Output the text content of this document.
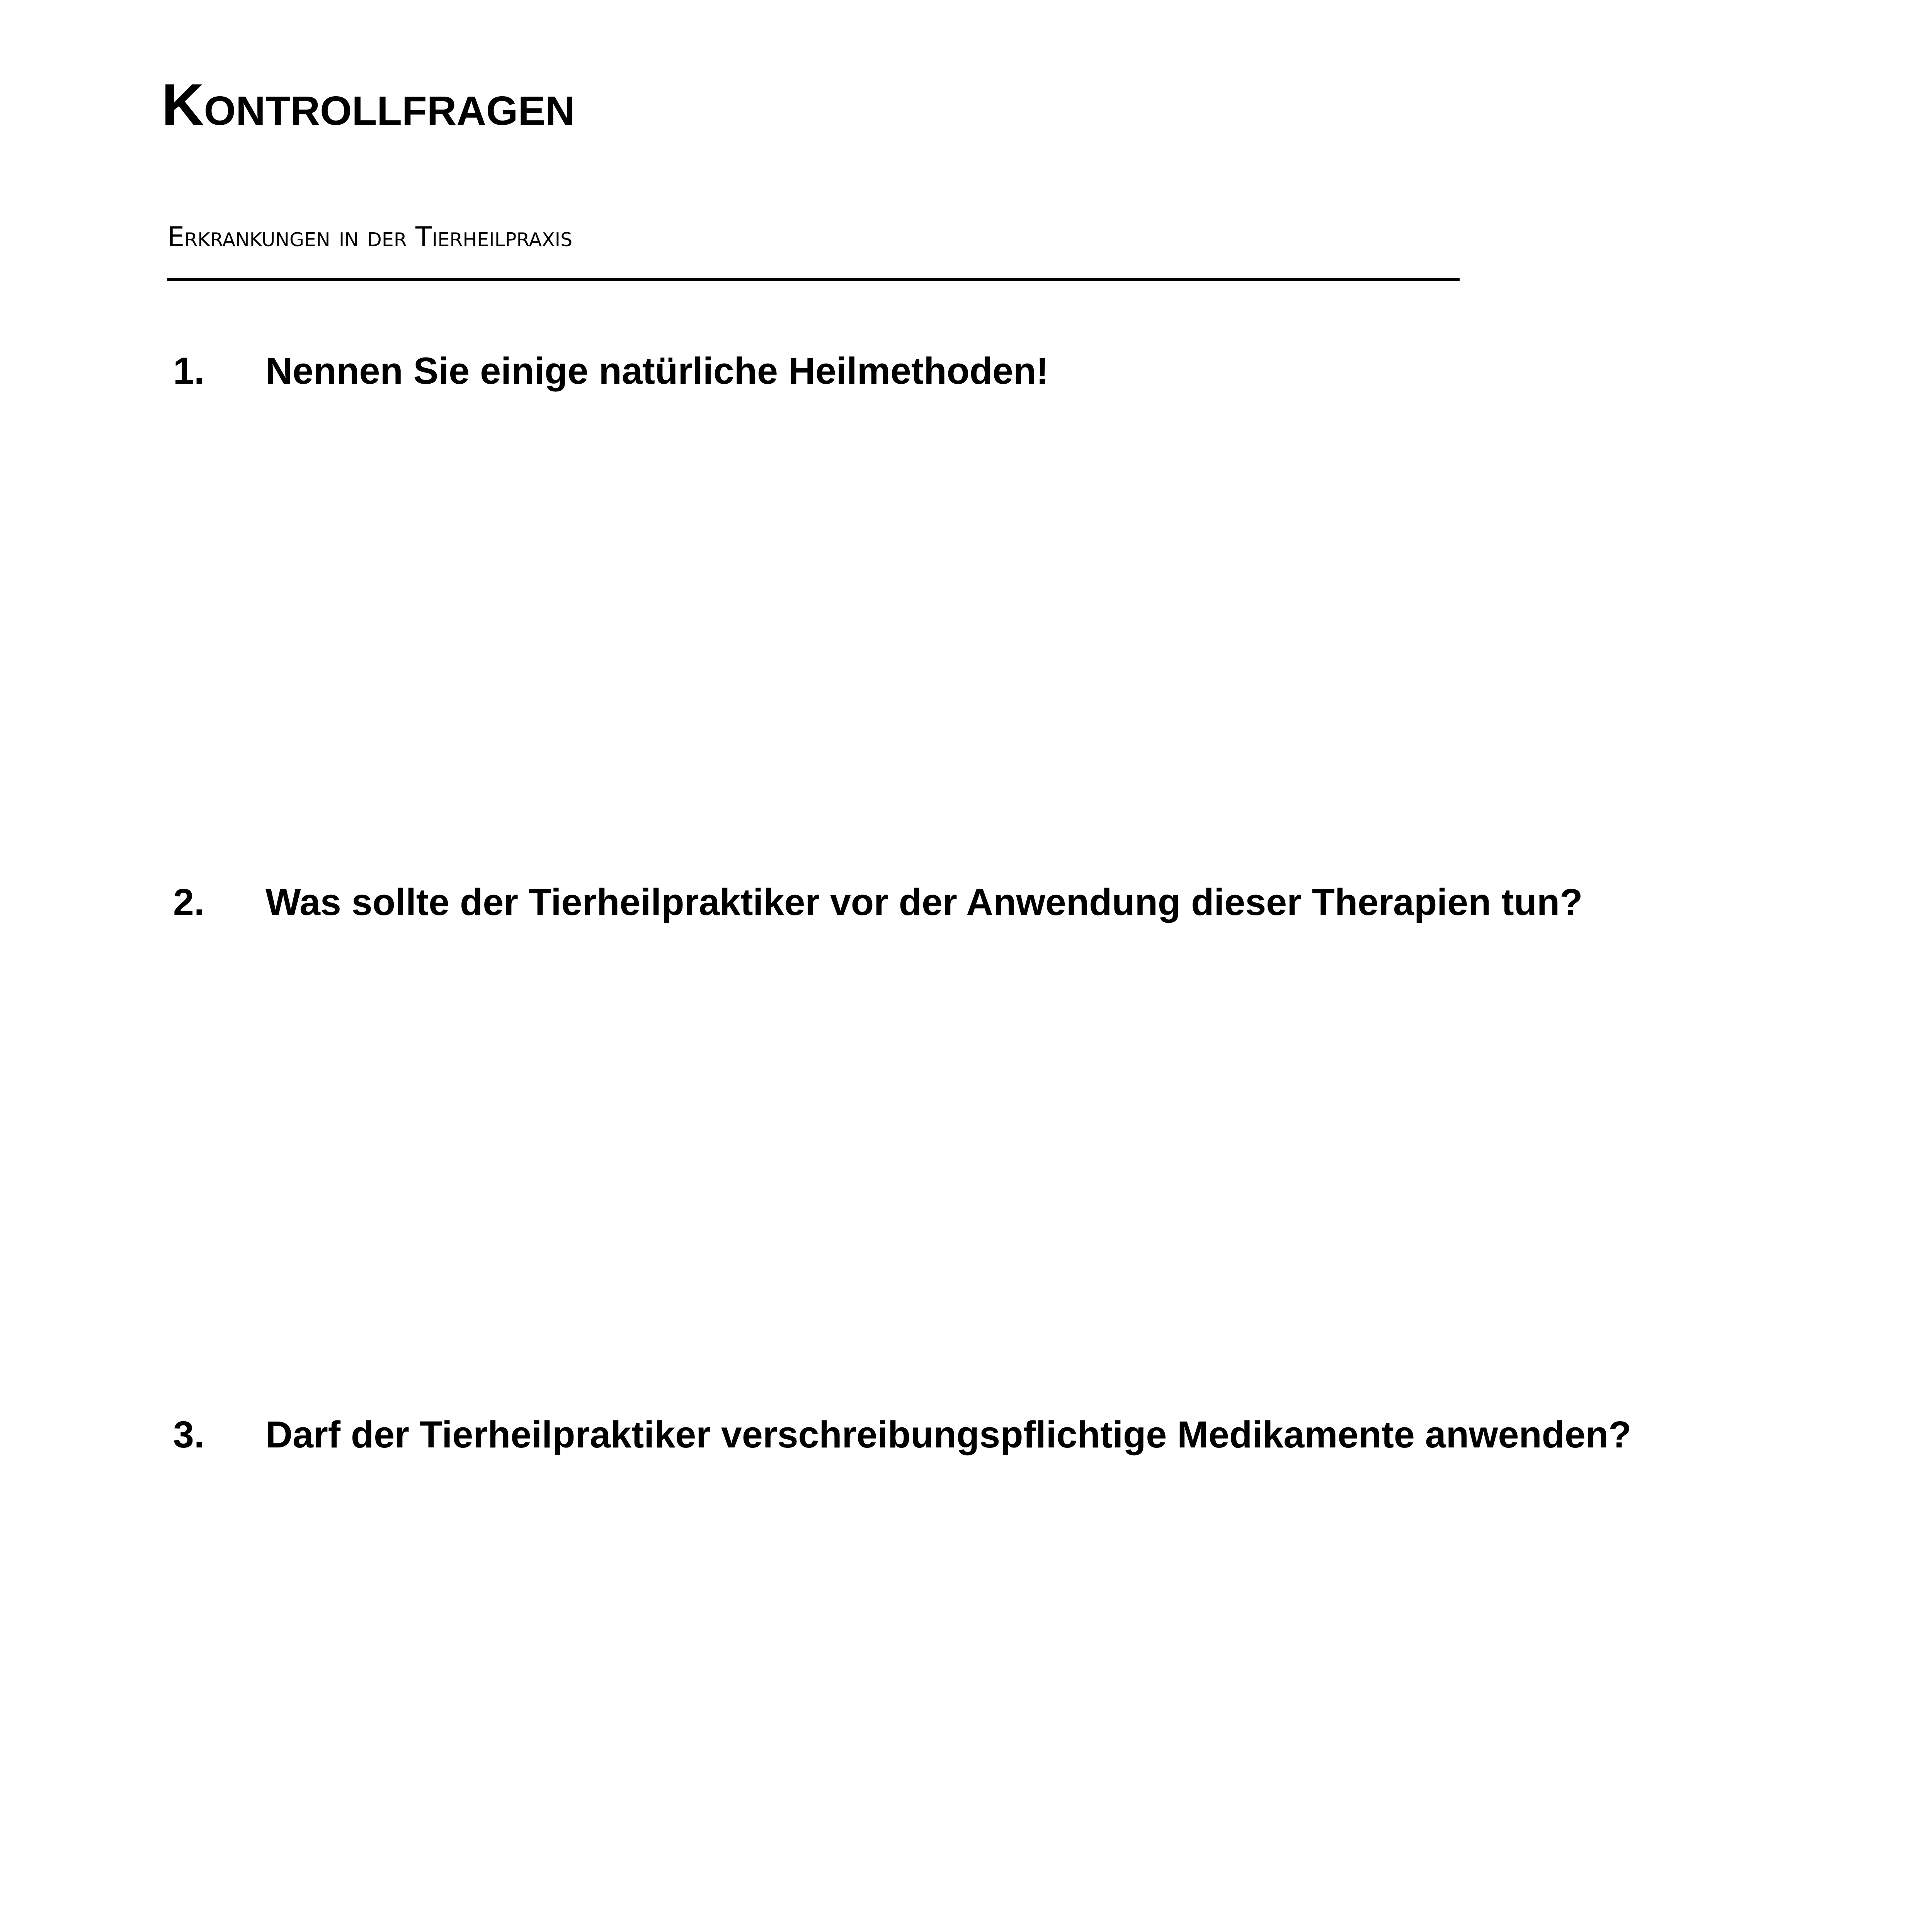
Kontrollfragen
Erkrankungen in der Tierheilpraxis
1. Nennen Sie einige natürliche Heilmethoden!
2. Was sollte der Tierheilpraktiker vor der Anwendung dieser Therapien tun?
3. Darf der Tierheilpraktiker verschreibungspflichtige Medikamente anwenden?
